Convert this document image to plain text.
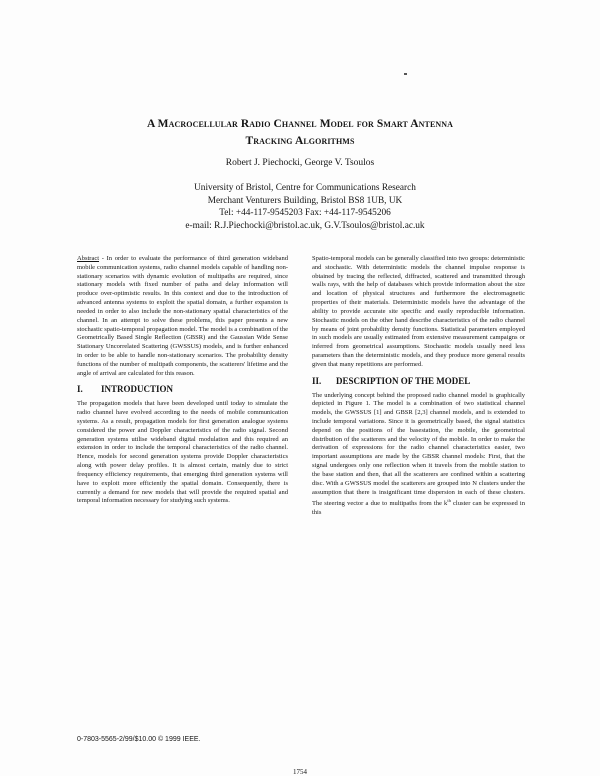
A Macrocellular Radio Channel Model for Smart Antenna
Tracking Algorithms
Robert J. Piechocki, George V. Tsoulos
University of Bristol, Centre for Communications Research
Merchant Venturers Building, Bristol BS8 1UB, UK
Tel: +44-117-9545203 Fax: +44-117-9545206
e-mail: R.J.Piechocki@bristol.ac.uk, G.V.Tsoulos@bristol.ac.uk

Abstract - In order to evaluate the performance of third generation wideband mobile communication systems, radio channel models capable of handling non-stationary scenarios with dynamic evolution of multipaths are required, since stationary models with fixed number of paths and delay information will produce over-optimistic results. In this context and due to the introduction of advanced antenna systems to exploit the spatial domain, a further expansion is needed in order to also include the non-stationary spatial characteristics of the channel. In an attempt to solve these problems, this paper presents a new stochastic spatio-temporal propagation model. The model is a combination of the Geometrically Based Single Reflection (GBSR) and the Gaussian Wide Sense Stationary Uncorrelated Scattering (GWSSUS) models, and is further enhanced in order to be able to handle non-stationary scenarios. The probability density functions of the number of multipath components, the scatterers' lifetime and the angle of arrival are calculated for this reason.

I.	INTRODUCTION

The propagation models that have been developed until today to simulate the radio channel have evolved according to the needs of mobile communication systems. As a result, propagation models for first generation analogue systems considered the power and Doppler characteristics of the radio signal. Second generation systems utilise wideband digital modulation and this required an extension in order to include the temporal characteristics of the radio channel. Hence, models for second generation systems provide Doppler characteristics along with power delay profiles. It is almost certain, mainly due to strict frequency efficiency requirements, that emerging third generation systems will have to exploit more efficiently the spatial domain. Consequently, there is currently a demand for new models that will provide the required spatial and temporal information necessary for studying such systems.

Spatio-temporal models can be generally classified into two groups: deterministic and stochastic. With deterministic models the channel impulse response is obtained by tracing the reflected, diffracted, scattered and transmitted through walls rays, with the help of databases which provide information about the size and location of physical structures and furthermore the electromagnetic properties of their materials. Deterministic models have the advantage of the ability to provide accurate site specific and easily reproducible information. Stochastic models on the other hand describe characteristics of the radio channel by means of joint probability density functions. Statistical parameters employed in such models are usually estimated from extensive measurement campaigns or inferred from geometrical assumptions. Stochastic models usually need less parameters than the deterministic models, and they produce more general results given that many repetitions are performed.

II.	DESCRIPTION OF THE MODEL

The underlying concept behind the proposed radio channel model is graphically depicted in Figure 1. The model is a combination of two statistical channel models, the GWSSUS [1] and GBSR [2,3] channel models, and is extended to include temporal variations. Since it is geometrically based, the signal statistics depend on the positions of the basestation, the mobile, the geometrical distribution of the scatterers and the velocity of the mobile. In order to make the derivation of expressions for the radio channel characteristics easier, two important assumptions are made by the GBSR channel models: First, that the signal undergoes only one reflection when it travels from the mobile station to the base station and then, that all the scatterers are confined within a scattering disc. With a GWSSUS model the scatterers are grouped into N clusters under the assumption that there is insignificant time dispersion in each of these clusters. The steering vector a due to multipaths from the $k^{th}$ cluster can be expressed in this

0-7803-5565-2/99/$10.00 © 1999 IEEE.
1754
